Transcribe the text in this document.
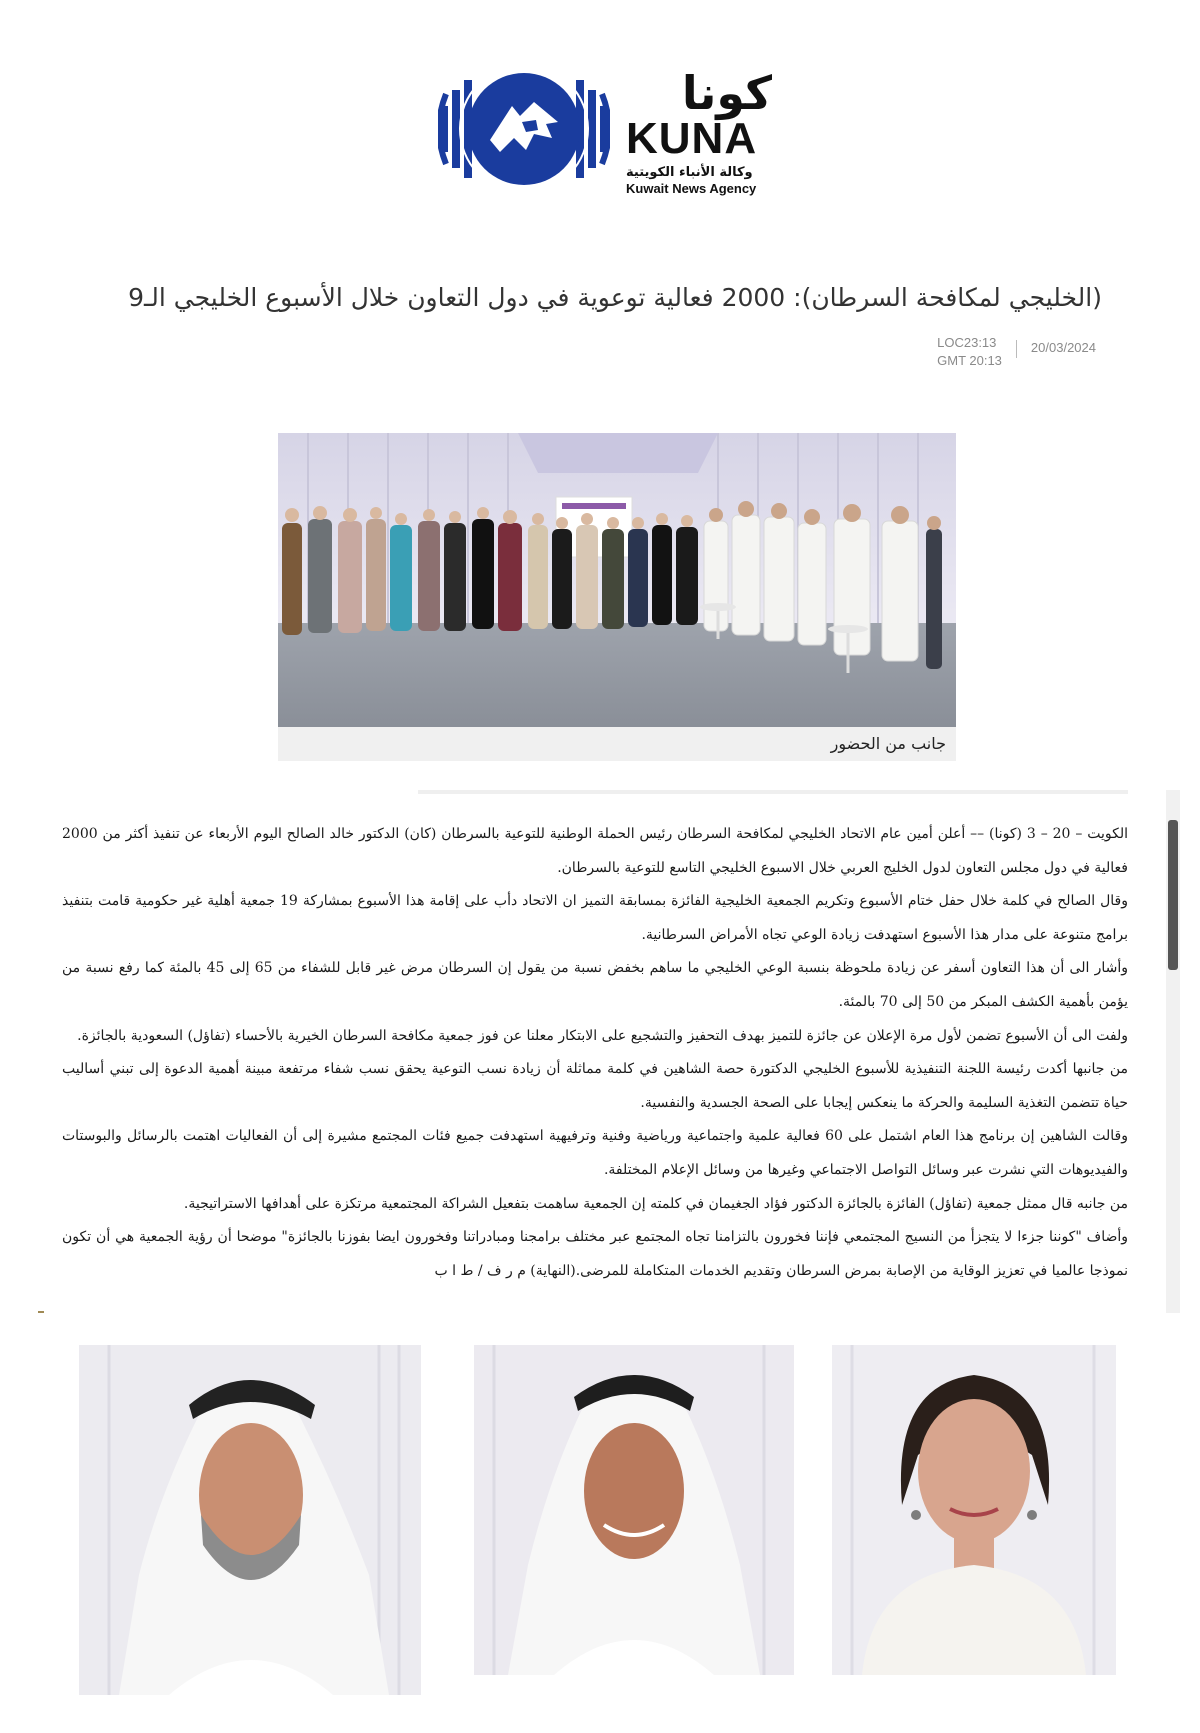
كونا
KUNA
وكالة الأنباء الكويتية
Kuwait News Agency
(الخليجي لمكافحة السرطان): 2000 فعالية توعوية في دول التعاون خلال الأسبوع الخليجي الـ9
20/03/2024
LOC23:13
GMT 20:13
جانب من الحضور

الكويت – 20 – 3 (كونا) –– أعلن أمين عام الاتحاد الخليجي لمكافحة السرطان رئيس الحملة الوطنية للتوعية بالسرطان (كان) الدكتور خالد الصالح اليوم الأربعاء عن تنفيذ أكثر من 2000 فعالية في دول مجلس التعاون لدول الخليج العربي خلال الاسبوع الخليجي التاسع للتوعية بالسرطان.

وقال الصالح في كلمة خلال حفل ختام الأسبوع وتكريم الجمعية الخليجية الفائزة بمسابقة التميز ان الاتحاد دأب على إقامة هذا الأسبوع بمشاركة 19 جمعية أهلية غير حكومية قامت بتنفيذ برامج متنوعة على مدار هذا الأسبوع استهدفت زيادة الوعي تجاه الأمراض السرطانية.

وأشار الى أن هذا التعاون أسفر عن زيادة ملحوظة بنسبة الوعي الخليجي ما ساهم بخفض نسبة من يقول إن السرطان مرض غير قابل للشفاء من 65 إلى 45 بالمئة كما رفع نسبة من يؤمن بأهمية الكشف المبكر من 50 إلى 70 بالمئة.

ولفت الى أن الأسبوع تضمن لأول مرة الإعلان عن جائزة للتميز بهدف التحفيز والتشجيع على الابتكار معلنا عن فوز جمعية مكافحة السرطان الخيرية بالأحساء (تفاؤل) السعودية بالجائزة.

من جانبها أكدت رئيسة اللجنة التنفيذية للأسبوع الخليجي الدكتورة حصة الشاهين في كلمة مماثلة أن زيادة نسب التوعية يحقق نسب شفاء مرتفعة مبينة أهمية الدعوة إلى تبني أساليب حياة تتضمن التغذية السليمة والحركة ما ينعكس إيجابا على الصحة الجسدية والنفسية.

وقالت الشاهين إن برنامج هذا العام اشتمل على 60 فعالية علمية واجتماعية ورياضية وفنية وترفيهية استهدفت جميع فئات المجتمع مشيرة إلى أن الفعاليات اهتمت بالرسائل والبوستات والفيديوهات التي نشرت عبر وسائل التواصل الاجتماعي وغيرها من وسائل الإعلام المختلفة.

من جانبه قال ممثل جمعية (تفاؤل) الفائزة بالجائزة الدكتور فؤاد الجغيمان في كلمته إن الجمعية ساهمت بتفعيل الشراكة المجتمعية مرتكزة على أهدافها الاستراتيجية.

وأضاف "كوننا جزءا لا يتجزأ من النسيج المجتمعي فإننا فخورون بالتزامنا تجاه المجتمع عبر مختلف برامجنا ومبادراتنا وفخورون ايضا بفوزنا بالجائزة" موضحا أن رؤية الجمعية هي أن تكون نموذجا عالميا في تعزيز الوقاية من الإصابة بمرض السرطان وتقديم الخدمات المتكاملة للمرضى.(النهاية) م ر ف / ط ا ب
